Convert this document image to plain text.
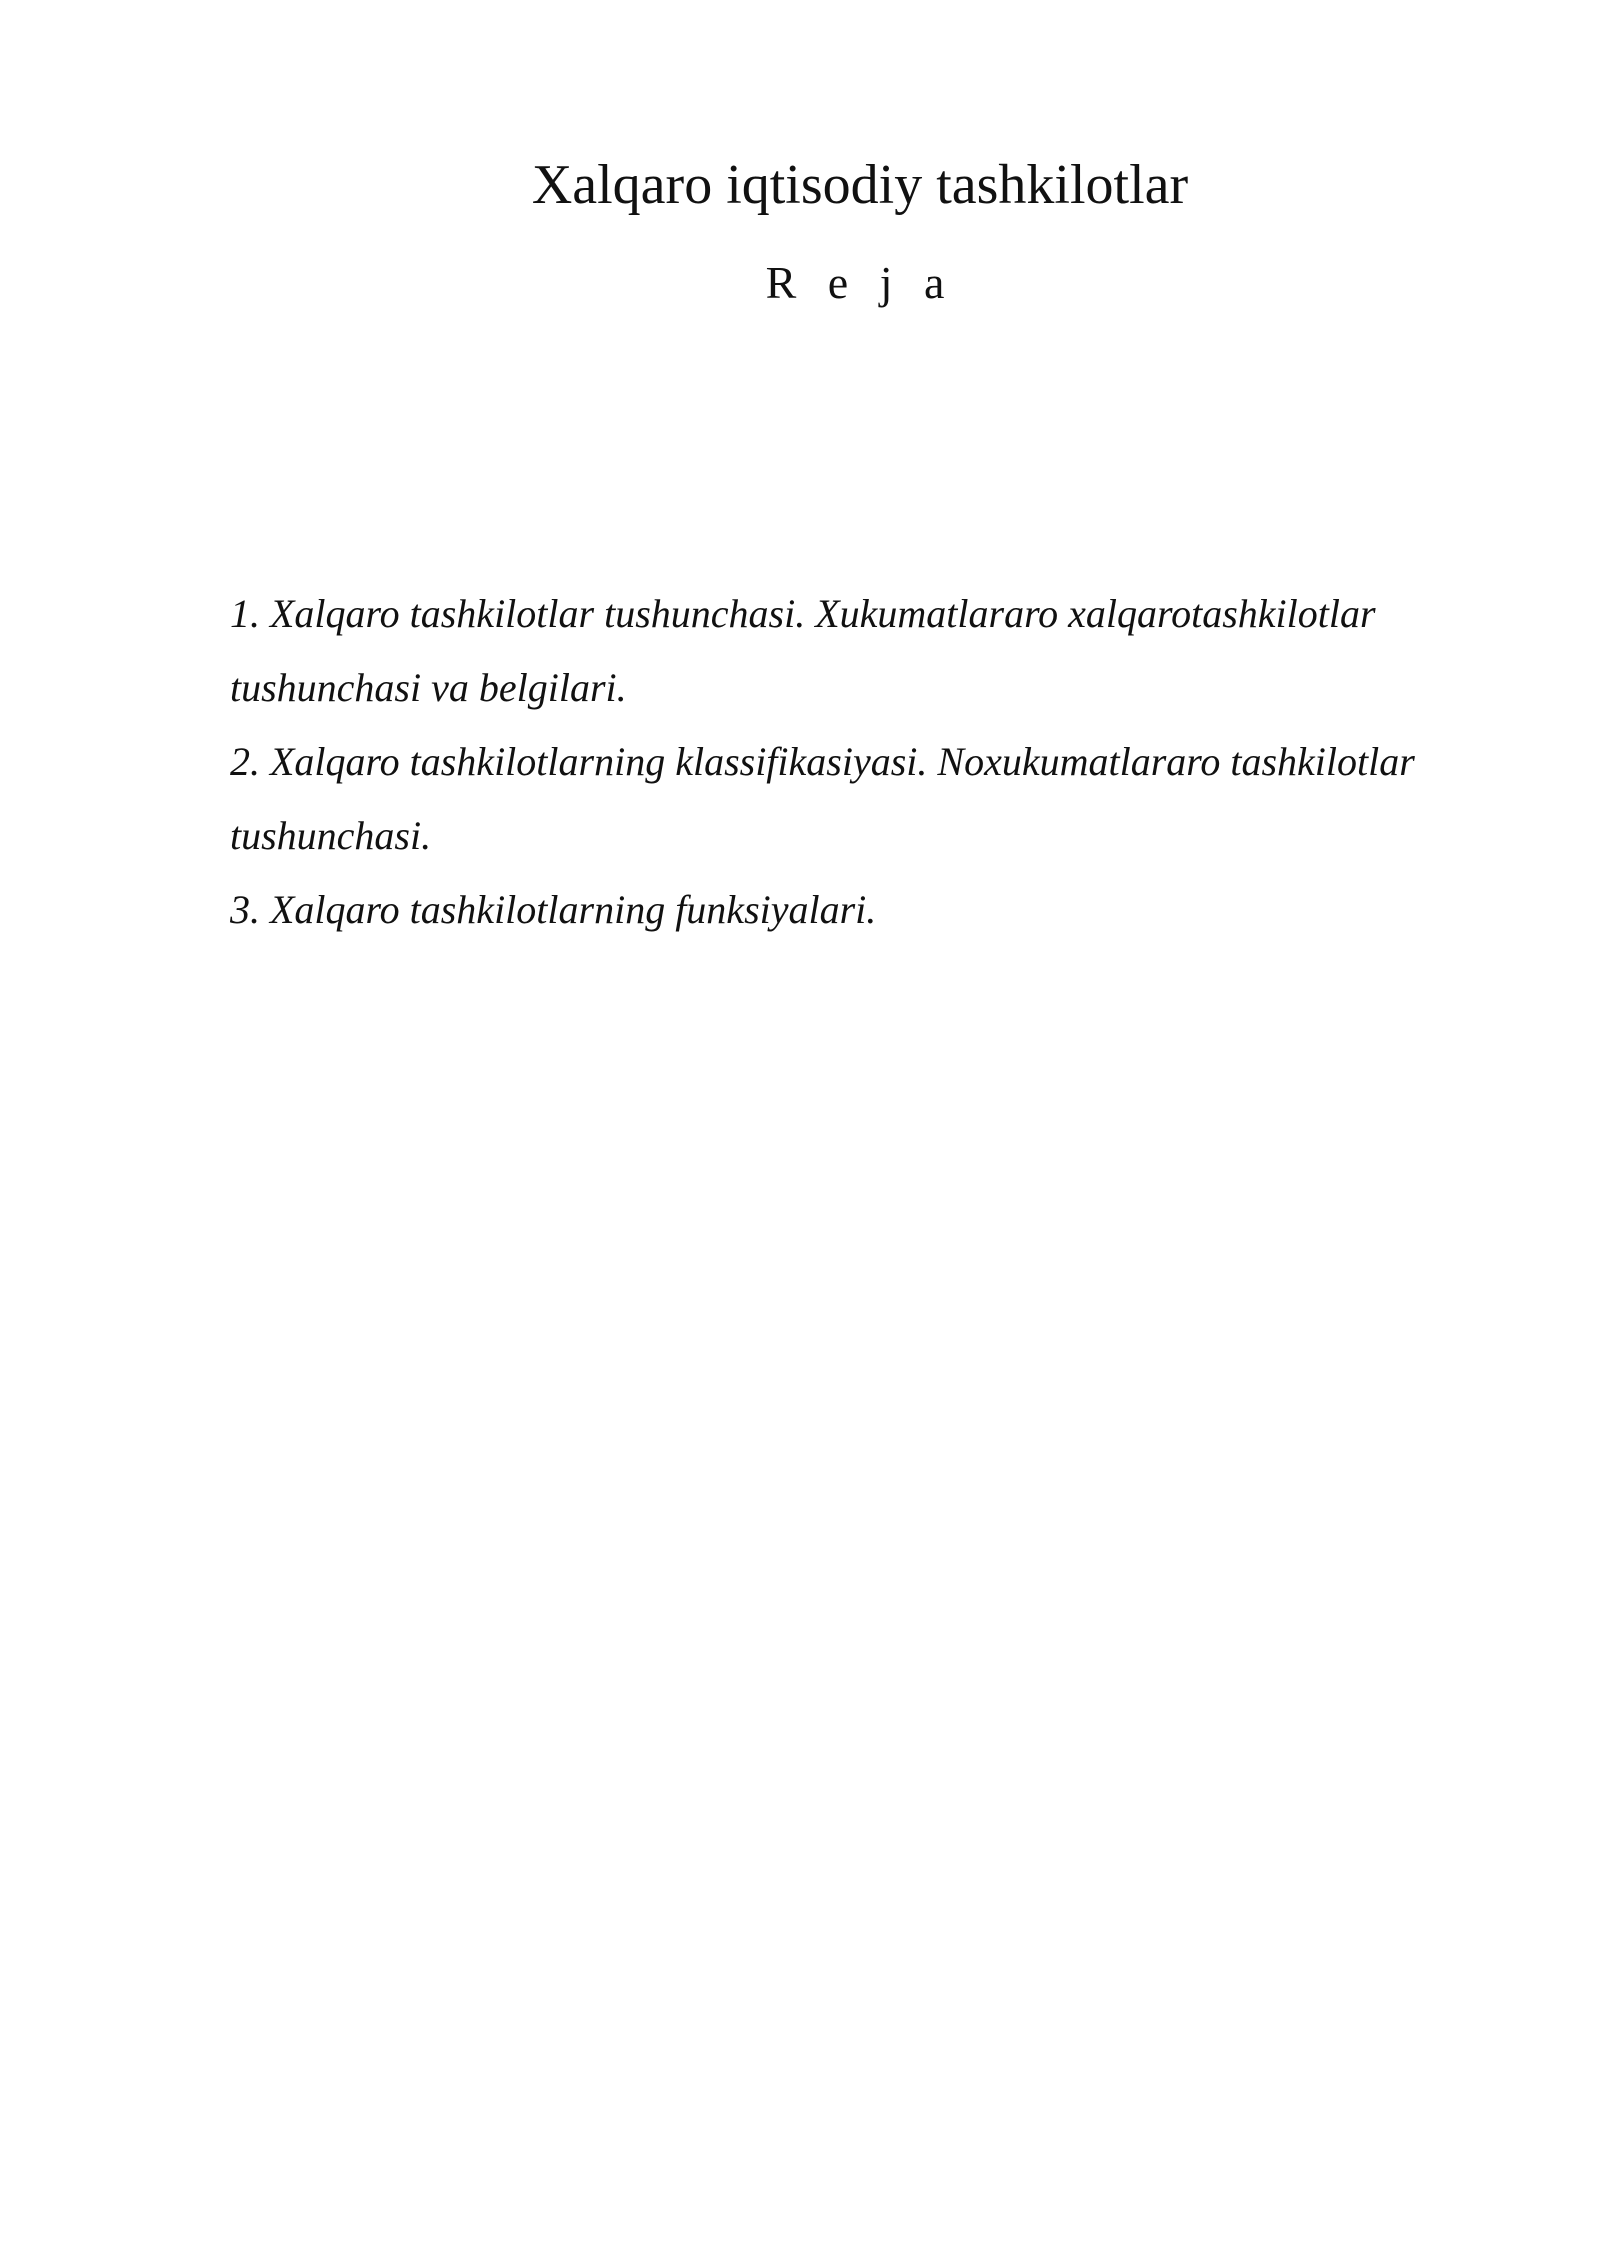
Xalqaro iqtisodiy tashkilotlar
R e j a
1. Xalqaro tashkilotlar tushunchasi. Xukumatlararo xalqarotashkilotlar tushunchasi va belgilari.
2. Xalqaro tashkilotlarning klassifikasiyasi. Noxukumatlararo tashkilotlar tushunchasi.
3. Xalqaro tashkilotlarning funksiyalari.
